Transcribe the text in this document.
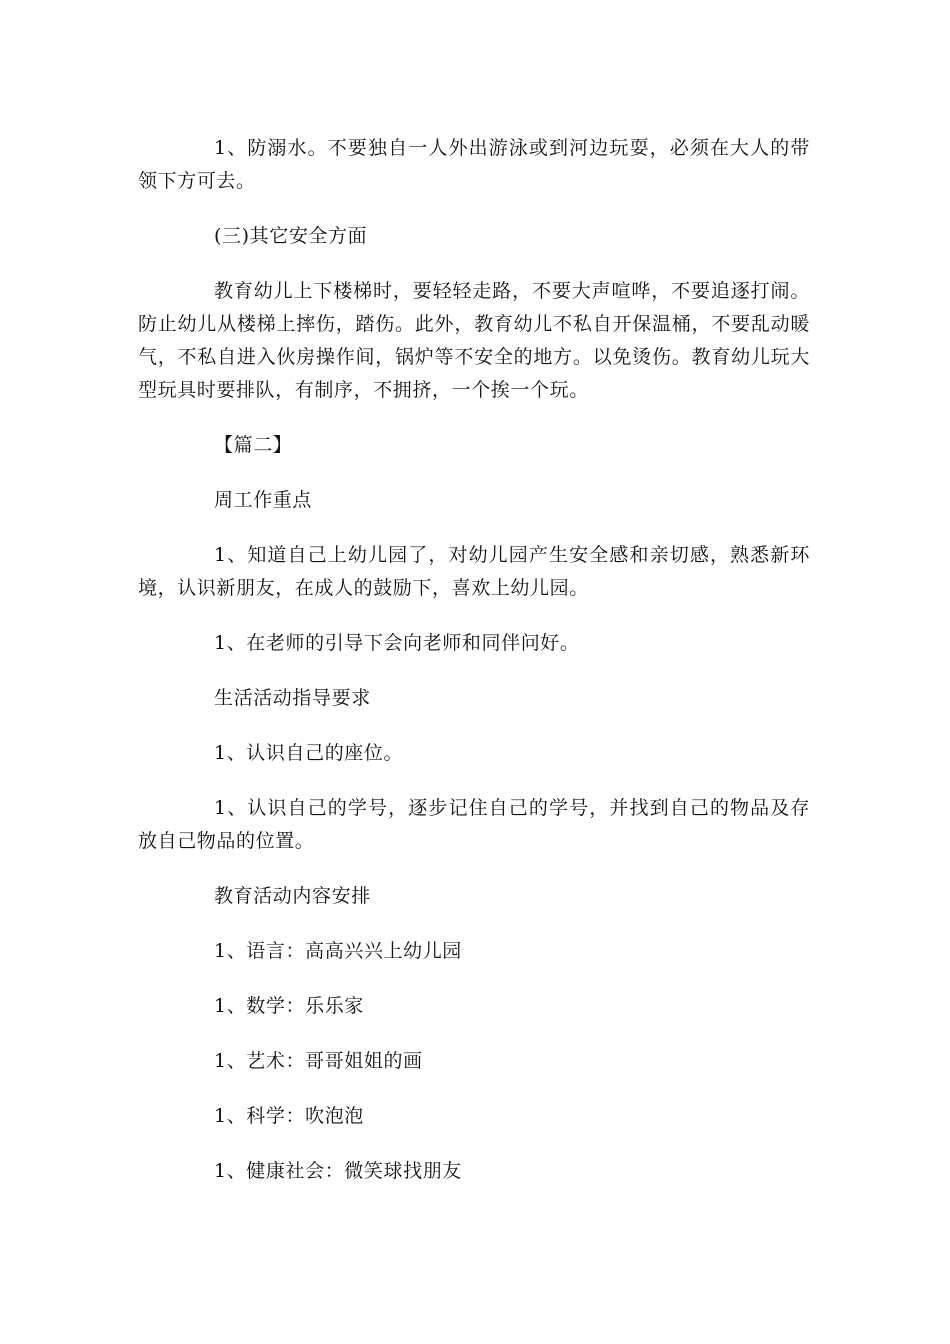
1、防溺水。不要独自一人外出游泳或到河边玩耍，必须在大人的带领下方可去。

(三)其它安全方面

教育幼儿上下楼梯时，要轻轻走路，不要大声喧哗，不要追逐打闹。防止幼儿从楼梯上摔伤，踏伤。此外，教育幼儿不私自开保温桶，不要乱动暖气，不私自进入伙房操作间，锅炉等不安全的地方。以免烫伤。教育幼儿玩大型玩具时要排队，有制序，不拥挤，一个挨一个玩。

【篇二】

周工作重点

1、知道自己上幼儿园了，对幼儿园产生安全感和亲切感，熟悉新环境，认识新朋友，在成人的鼓励下，喜欢上幼儿园。

1、在老师的引导下会向老师和同伴问好。

生活活动指导要求

1、认识自己的座位。

1、认识自己的学号，逐步记住自己的学号，并找到自己的物品及存放自己物品的位置。

教育活动内容安排

1、语言：高高兴兴上幼儿园

1、数学：乐乐家

1、艺术：哥哥姐姐的画

1、科学：吹泡泡

1、健康社会：微笑球找朋友
